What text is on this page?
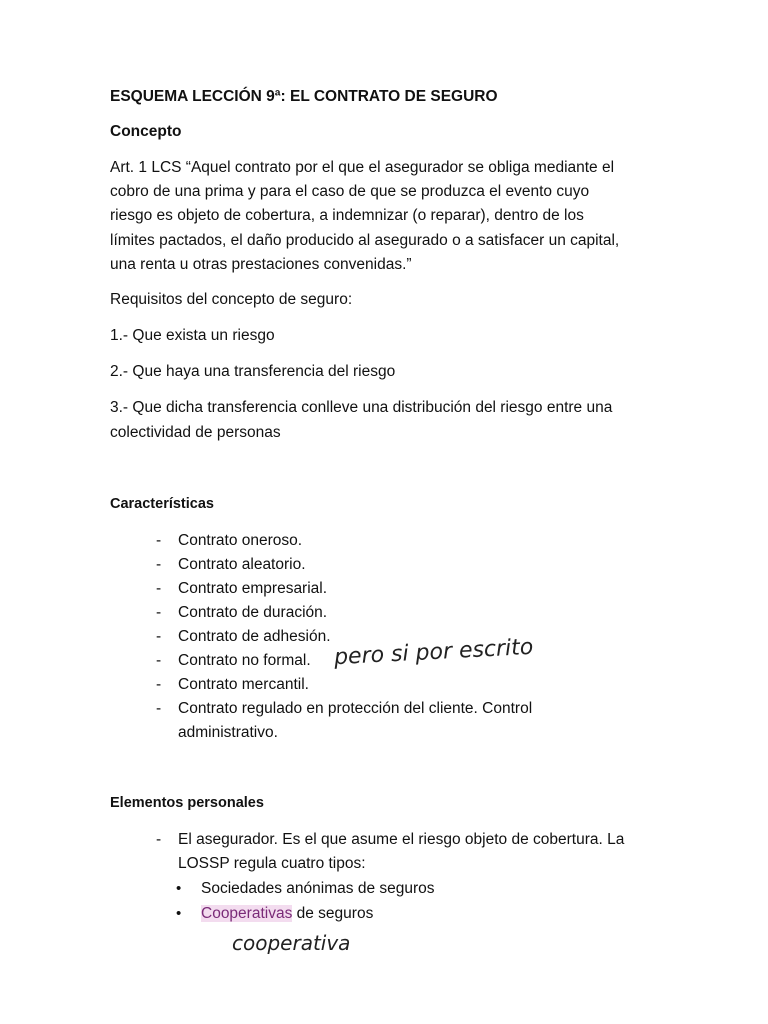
ESQUEMA LECCIÓN 9ª: EL CONTRATO DE SEGURO
Concepto
Art. 1 LCS “Aquel contrato por el que el asegurador se obliga mediante el
cobro de una prima y para el caso de que se produzca el evento cuyo
riesgo es objeto de cobertura, a indemnizar (o reparar), dentro de los
límites pactados, el daño producido al asegurado o a satisfacer un capital,
una renta u otras prestaciones convenidas.”
Requisitos del concepto de seguro:
1.- Que exista un riesgo
2.- Que haya una transferencia del riesgo
3.- Que dicha transferencia conlleve una distribución del riesgo entre una
colectividad de personas
Características
- Contrato oneroso.
- Contrato aleatorio.
- Contrato empresarial.
- Contrato de duración.
- Contrato de adhesión.
- Contrato no formal.
- Contrato mercantil.
- Contrato regulado en protección del cliente. Control
administrativo.
pero si por escrito
Elementos personales
- El asegurador. Es el que asume el riesgo objeto de cobertura. La
LOSSP regula cuatro tipos:
• Sociedades anónimas de seguros
• Cooperativas de seguros
cooperativa
